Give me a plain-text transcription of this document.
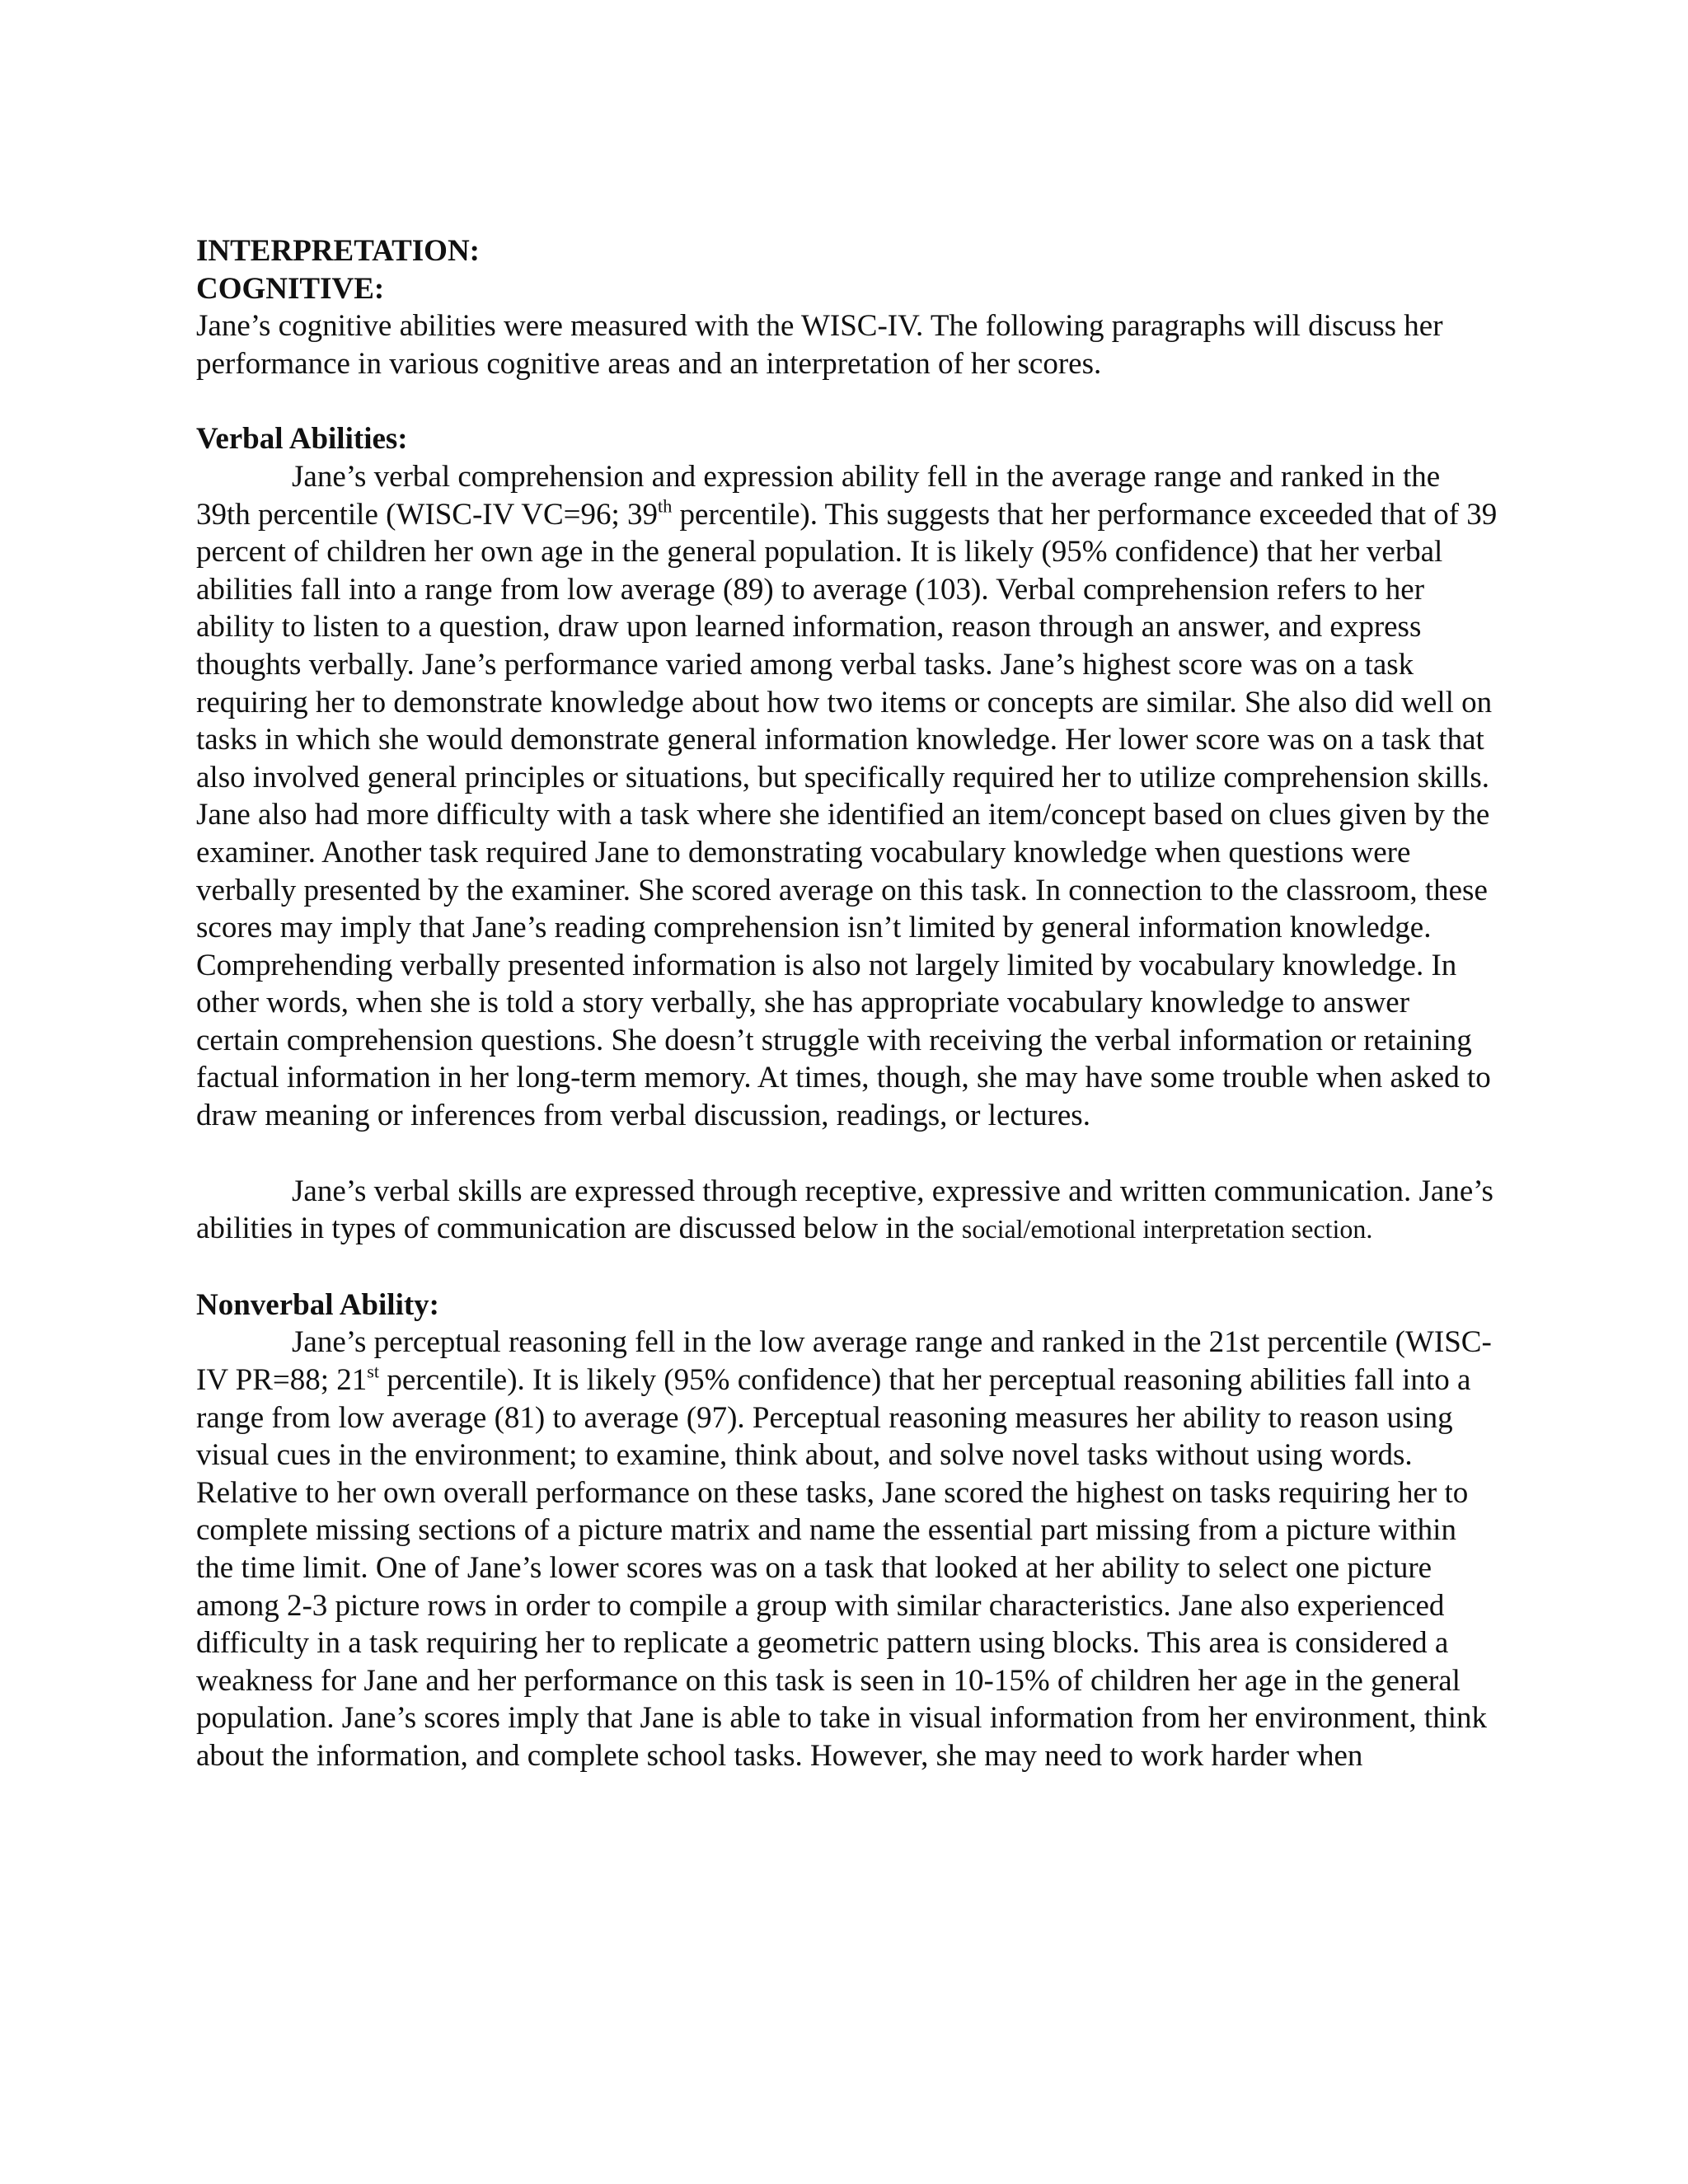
INTERPRETATION:
COGNITIVE:

Jane’s cognitive abilities were measured with the WISC-IV. The following paragraphs will discuss her performance in various cognitive areas and an interpretation of her scores.

Verbal Abilities:

Jane’s verbal comprehension and expression ability fell in the average range and ranked in the 39th percentile (WISC-IV VC=96; 39th percentile). This suggests that her performance exceeded that of 39 percent of children her own age in the general population. It is likely (95% confidence) that her verbal abilities fall into a range from low average (89) to average (103). Verbal comprehension refers to her ability to listen to a question, draw upon learned information, reason through an answer, and express thoughts verbally. Jane’s performance varied among verbal tasks. Jane’s highest score was on a task requiring her to demonstrate knowledge about how two items or concepts are similar. She also did well on tasks in which she would demonstrate general information knowledge. Her lower score was on a task that also involved general principles or situations, but specifically required her to utilize comprehension skills. Jane also had more difficulty with a task where she identified an item/concept based on clues given by the examiner. Another task required Jane to demonstrating vocabulary knowledge when questions were verbally presented by the examiner. She scored average on this task. In connection to the classroom, these scores may imply that Jane’s reading comprehension isn’t limited by general information knowledge. Comprehending verbally presented information is also not largely limited by vocabulary knowledge. In other words, when she is told a story verbally, she has appropriate vocabulary knowledge to answer certain comprehension questions. She doesn’t struggle with receiving the verbal information or retaining factual information in her long-term memory. At times, though, she may have some trouble when asked to draw meaning or inferences from verbal discussion, readings, or lectures.

Jane’s verbal skills are expressed through receptive, expressive and written communication. Jane’s abilities in types of communication are discussed below in the social/emotional interpretation section.

Nonverbal Ability:

Jane’s perceptual reasoning fell in the low average range and ranked in the 21st percentile (WISC-IV PR=88; 21st percentile). It is likely (95% confidence) that her perceptual reasoning abilities fall into a range from low average (81) to average (97). Perceptual reasoning measures her ability to reason using visual cues in the environment; to examine, think about, and solve novel tasks without using words. Relative to her own overall performance on these tasks, Jane scored the highest on tasks requiring her to complete missing sections of a picture matrix and name the essential part missing from a picture within the time limit. One of Jane’s lower scores was on a task that looked at her ability to select one picture among 2-3 picture rows in order to compile a group with similar characteristics. Jane also experienced difficulty in a task requiring her to replicate a geometric pattern using blocks. This area is considered a weakness for Jane and her performance on this task is seen in 10-15% of children her age in the general population. Jane’s scores imply that Jane is able to take in visual information from her environment, think about the information, and complete school tasks. However, she may need to work harder when
